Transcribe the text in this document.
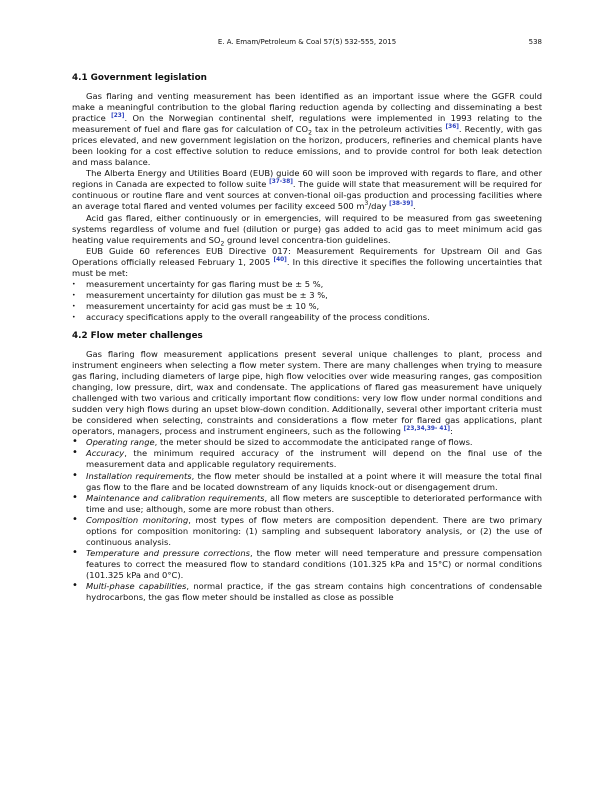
E. A. Emam/Petroleum & Coal 57(5) 532-555, 2015	538
4.1 Government legislation

Gas flaring and venting measurement has been identified as an important issue where the GGFR could make a meaningful contribution to the global flaring reduction agenda by collecting and disseminating a best practice [23]. On the Norwegian continental shelf, regulations were implemented in 1993 relating to the measurement of fuel and flare gas for calculation of $CO_2$ tax in the petroleum activities [36]. Recently, with gas prices elevated, and new government legislation on the horizon, producers, refineries and chemical plants have been looking for a cost effective solution to reduce emissions, and to provide control for both leak detection and mass balance.

The Alberta Energy and Utilities Board (EUB) guide 60 will soon be improved with regards to flare, and other regions in Canada are expected to follow suite [37-38]. The guide will state that measurement will be required for continuous or routine flare and vent sources at conven-tional oil-gas production and processing facilities where an average total flared and vented volumes per facility exceed 500 $m^3$/day [38-39].

Acid gas flared, either continuously or in emergencies, will required to be measured from gas sweetening systems regardless of volume and fuel (dilution or purge) gas added to acid gas to meet minimum acid gas heating value requirements and $SO_2$ ground level concentra-tion guidelines.

EUB Guide 60 references EUB Directive 017: Measurement Requirements for Upstream Oil and Gas Operations officially released February 1, 2005 [40]. In this directive it specifies the following uncertainties that must be met:

• measurement uncertainty for gas flaring must be ± 5 %,
• measurement uncertainty for dilution gas must be ± 3 %,
• measurement uncertainty for acid gas must be ± 10 %,
• accuracy specifications apply to the overall rangeability of the process conditions.
4.2 Flow meter challenges

Gas flaring flow measurement applications present several unique challenges to plant, process and instrument engineers when selecting a flow meter system. There are many challenges when trying to measure gas flaring, including diameters of large pipe, high flow velocities over wide measuring ranges, gas composition changing, low pressure, dirt, wax and condensate. The applications of flared gas measurement have uniquely challenged with two various and critically important flow conditions: very low flow under normal conditions and sudden very high flows during an upset blow-down condition. Additionally, several other important criteria must be considered when selecting, constraints and considerations a flow meter for flared gas applications, plant operators, managers, process and instrument engineers, such as the following [23,34,39- 41]:

• Operating range, the meter should be sized to accommodate the anticipated range of flows.
• Accuracy, the minimum required accuracy of the instrument will depend on the final use of the measurement data and applicable regulatory requirements.
• Installation requirements, the flow meter should be installed at a point where it will measure the total final gas flow to the flare and be located downstream of any liquids knock-out or disengagement drum.
• Maintenance and calibration requirements, all flow meters are susceptible to deteriorated performance with time and use; although, some are more robust than others.
• Composition monitoring, most types of flow meters are composition dependent. There are two primary options for composition monitoring: (1) sampling and subsequent laboratory analysis, or (2) the use of continuous analysis.
• Temperature and pressure corrections, the flow meter will need temperature and pressure compensation features to correct the measured flow to standard conditions (101.325 kPa and 15°C) or normal conditions (101.325 kPa and 0°C).
• Multi-phase capabilities, normal practice, if the gas stream contains high concentrations of condensable hydrocarbons, the gas flow meter should be installed as close as possible
